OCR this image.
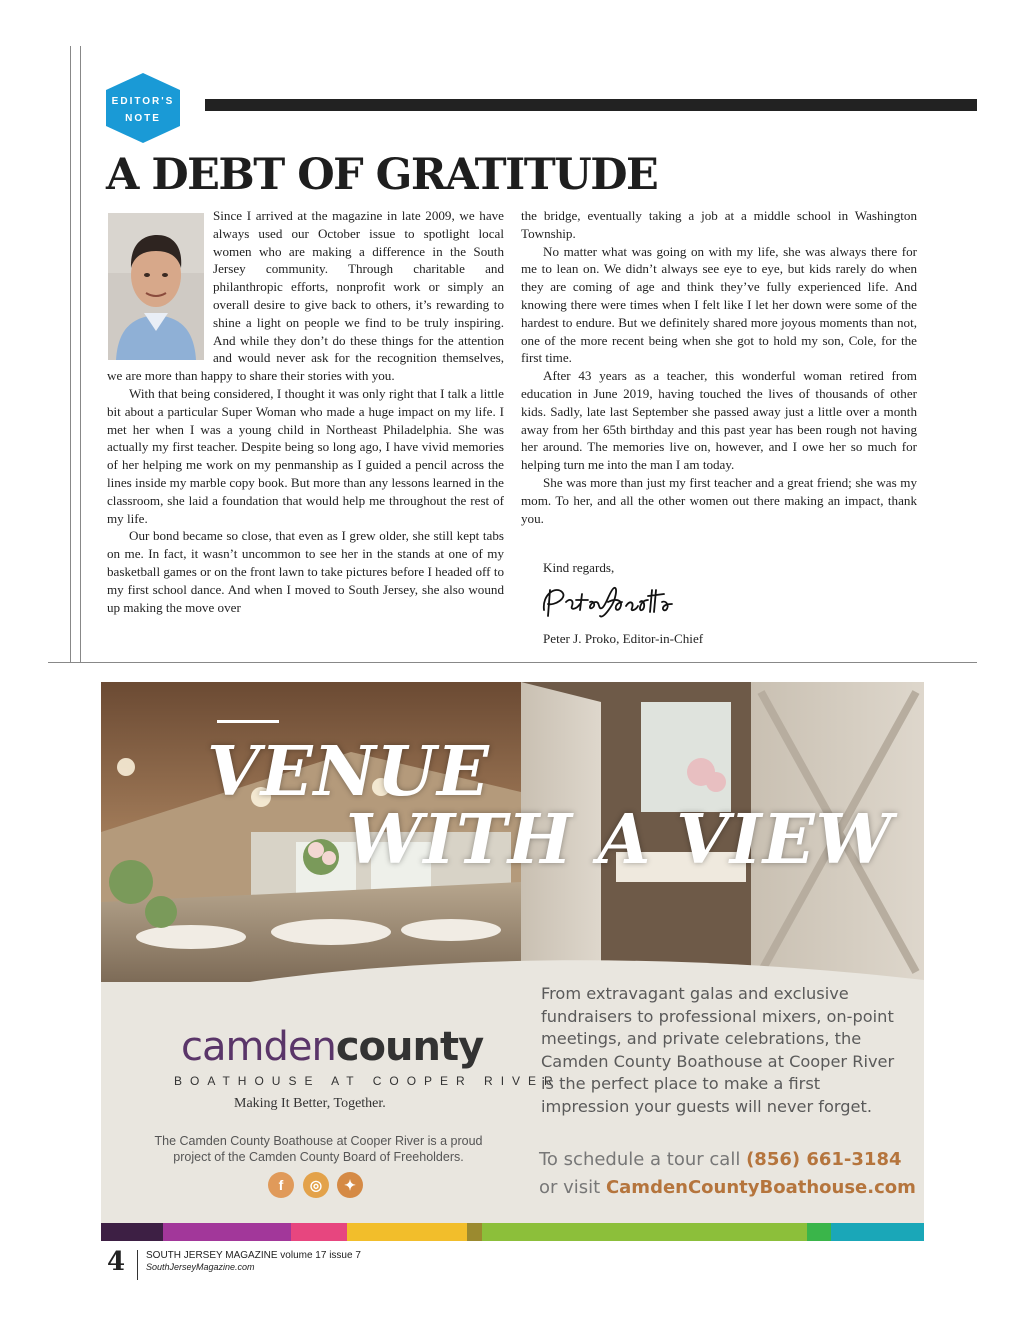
EDITOR'S
NOTE
A DEBT OF GRATITUDE

Since I arrived at the magazine in late 2009, we have always used our October issue to spotlight local women who are making a difference in the South Jersey community. Through charitable and philanthropic efforts, nonprofit work or simply an overall desire to give back to others, it’s rewarding to shine a light on people we find to be truly inspiring. And while they don’t do these things for the attention and would never ask for the recognition themselves, we are more than happy to share their stories with you.

With that being considered, I thought it was only right that I talk a little bit about a particular Super Woman who made a huge impact on my life. I met her when I was a young child in Northeast Philadelphia. She was actually my first teacher. Despite being so long ago, I have vivid memories of her helping me work on my penmanship as I guided a pencil across the lines inside my marble copy book. But more than any lessons learned in the classroom, she laid a foundation that would help me throughout the rest of my life.

Our bond became so close, that even as I grew older, she still kept tabs on me. In fact, it wasn’t uncommon to see her in the stands at one of my basketball games or on the front lawn to take pictures before I headed off to my first school dance. And when I moved to South Jersey, she also wound up making the move over

the bridge, eventually taking a job at a middle school in Washington Township.

No matter what was going on with my life, she was always there for me to lean on. We didn’t always see eye to eye, but kids rarely do when they are coming of age and think they’ve fully experienced life. And knowing there were times when I felt like I let her down were some of the hardest to endure. But we definitely shared more joyous moments than not, one of the more recent being when she got to hold my son, Cole, for the first time.

After 43 years as a teacher, this wonderful woman retired from education in June 2019, having touched the lives of thousands of other kids. Sadly, late last September she passed away just a little over a month away from her 65th birthday and this past year has been rough not having her around. The memories live on, however, and I owe her so much for helping turn me into the man I am today.

She was more than just my first teacher and a great friend; she was my mom. To her, and all the other women out there making an impact, thank you.

Kind regards,
Peter J. Proko, Editor-in-Chief
VENUE
WITH A VIEW
camdencounty
BOATHOUSE AT COOPER RIVER
Making It Better, Together.
The Camden County Boathouse at Cooper River is a proud project of the Camden County Board of Freeholders.
f	◎	✦
From extravagant galas and exclusive fundraisers to professional mixers, on-point meetings, and private celebrations, the Camden County Boathouse at Cooper River is the perfect place to make a first impression your guests will never forget.
To schedule a tour call (856) 661-3184
or visit CamdenCountyBoathouse.com
4 SOUTH JERSEY MAGAZINE volume 17 issue 7
SouthJerseyMagazine.com
